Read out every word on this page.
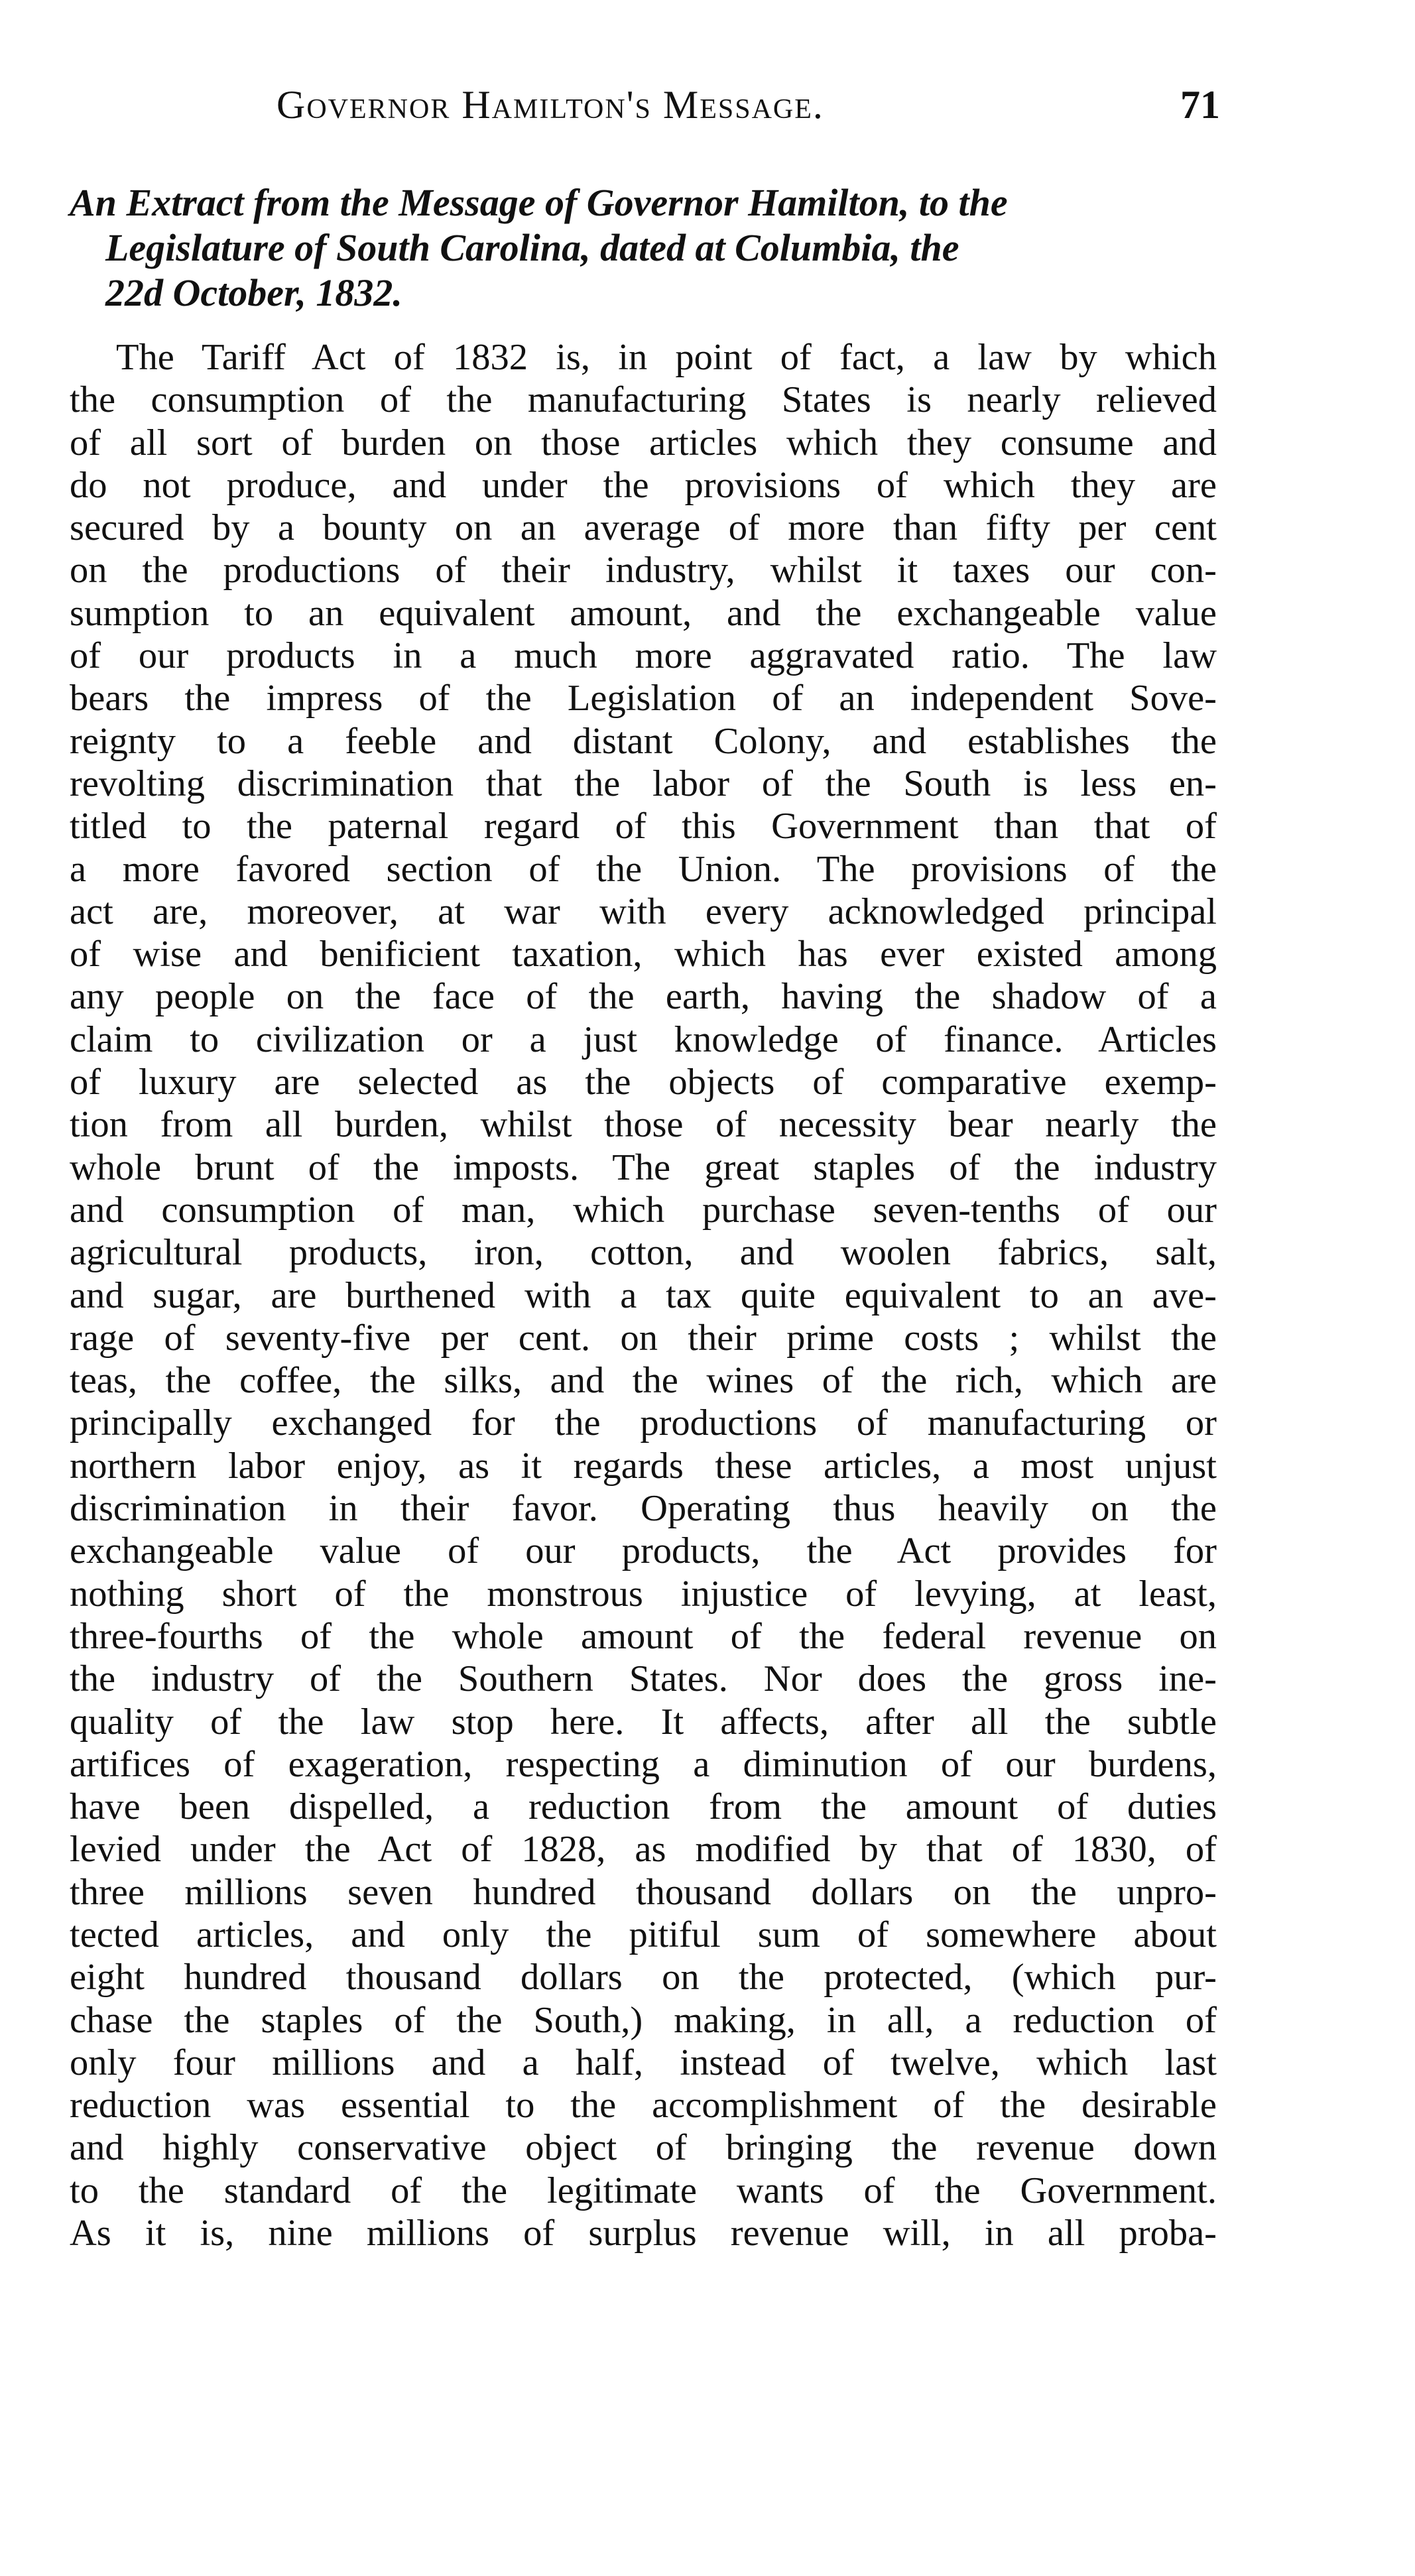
Governor Hamilton's Message.	71
An Extract from the Message of Governor Hamilton, to the
Legislature of South Carolina, dated at Columbia, the
22d October, 1832.
The Tariff Act of 1832 is, in point of fact, a law by which
the consumption of the manufacturing States is nearly relieved
of all sort of burden on those articles which they consume and
do not produce, and under the provisions of which they are
secured by a bounty on an average of more than fifty per cent
on the productions of their industry, whilst it taxes our con-
sumption to an equivalent amount, and the exchangeable value
of our products in a much more aggravated ratio. The law
bears the impress of the Legislation of an independent Sove-
reignty to a feeble and distant Colony, and establishes the
revolting discrimination that the labor of the South is less en-
titled to the paternal regard of this Government than that of
a more favored section of the Union. The provisions of the
act are, moreover, at war with every acknowledged principal
of wise and benificient taxation, which has ever existed among
any people on the face of the earth, having the shadow of a
claim to civilization or a just knowledge of finance. Articles
of luxury are selected as the objects of comparative exemp-
tion from all burden, whilst those of necessity bear nearly the
whole brunt of the imposts. The great staples of the industry
and consumption of man, which purchase seven-tenths of our
agricultural products, iron, cotton, and woolen fabrics, salt,
and sugar, are burthened with a tax quite equivalent to an ave-
rage of seventy-five per cent. on their prime costs ; whilst the
teas, the coffee, the silks, and the wines of the rich, which are
principally exchanged for the productions of manufacturing or
northern labor enjoy, as it regards these articles, a most unjust
discrimination in their favor. Operating thus heavily on the
exchangeable value of our products, the Act provides for
nothing short of the monstrous injustice of levying, at least,
three-fourths of the whole amount of the federal revenue on
the industry of the Southern States. Nor does the gross ine-
quality of the law stop here. It affects, after all the subtle
artifices of exageration, respecting a diminution of our burdens,
have been dispelled, a reduction from the amount of duties
levied under the Act of 1828, as modified by that of 1830, of
three millions seven hundred thousand dollars on the unpro-
tected articles, and only the pitiful sum of somewhere about
eight hundred thousand dollars on the protected, (which pur-
chase the staples of the South,) making, in all, a reduction of
only four millions and a half, instead of twelve, which last
reduction was essential to the accomplishment of the desirable
and highly conservative object of bringing the revenue down
to the standard of the legitimate wants of the Government.
As it is, nine millions of surplus revenue will, in all proba-
